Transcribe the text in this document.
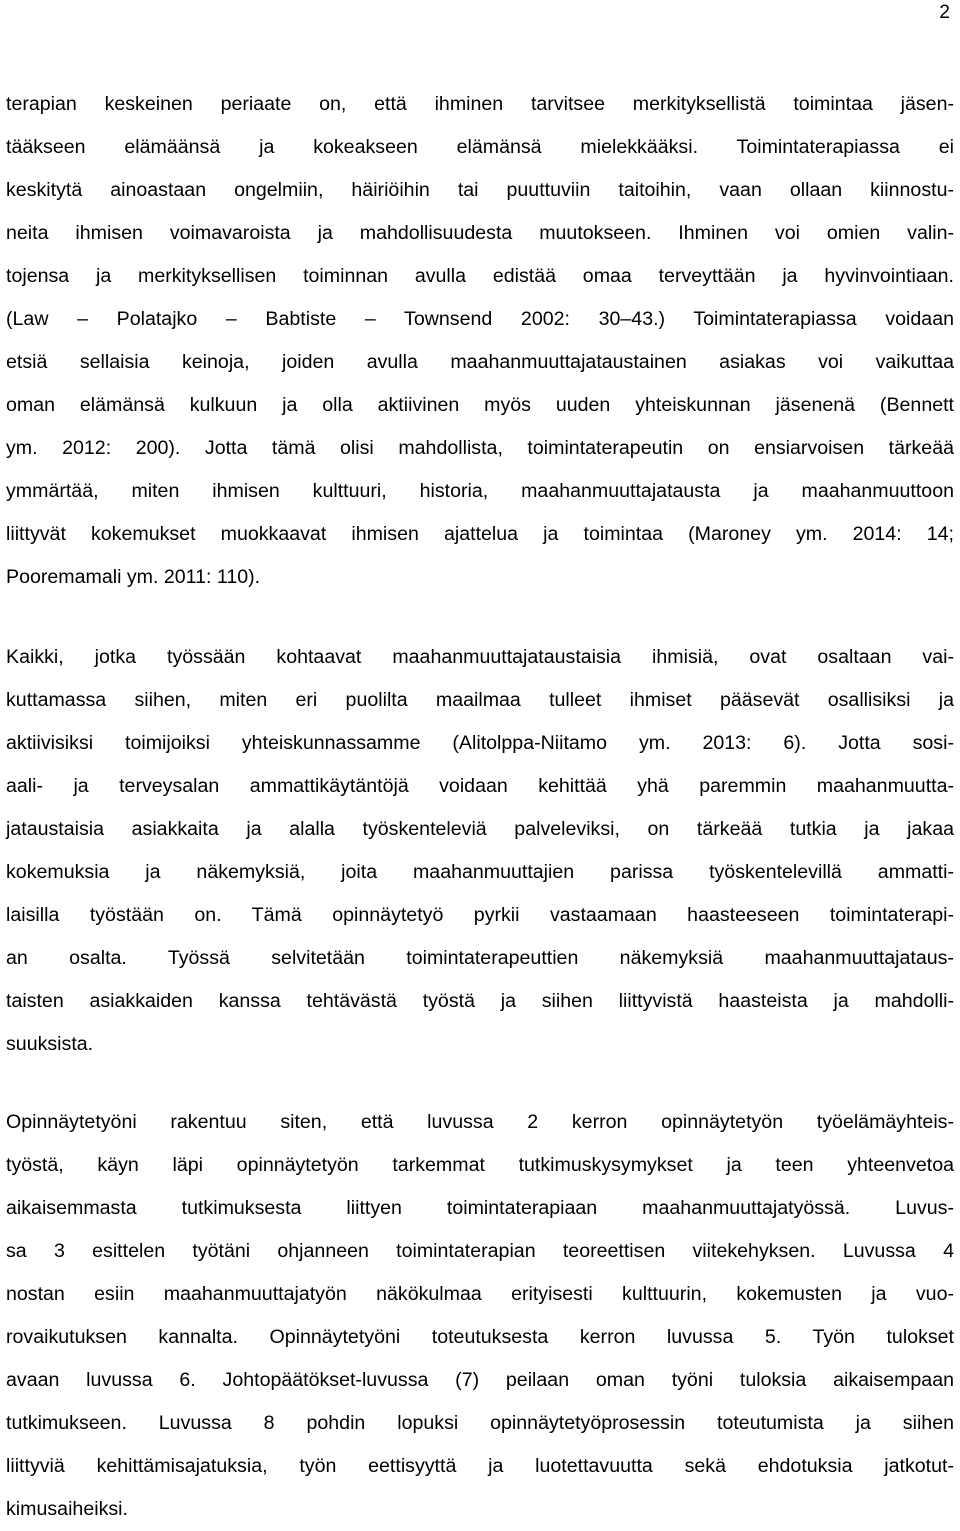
2
terapian keskeinen periaate on, että ihminen tarvitsee merkityksellistä toimintaa jäsen-
tääkseen elämäänsä ja kokeakseen elämänsä mielekkääksi. Toimintaterapiassa ei
keskitytä ainoastaan ongelmiin, häiriöihin tai puuttuviin taitoihin, vaan ollaan kiinnostu-
neita ihmisen voimavaroista ja mahdollisuudesta muutokseen. Ihminen voi omien valin-
tojensa ja merkityksellisen toiminnan avulla edistää omaa terveyttään ja hyvinvointiaan.
(Law – Polatajko – Babtiste – Townsend 2002: 30–43.) Toimintaterapiassa voidaan
etsiä sellaisia keinoja, joiden avulla maahanmuuttajataustainen asiakas voi vaikuttaa
oman elämänsä kulkuun ja olla aktiivinen myös uuden yhteiskunnan jäsenenä (Bennett
ym. 2012: 200). Jotta tämä olisi mahdollista, toimintaterapeutin on ensiarvoisen tärkeää
ymmärtää, miten ihmisen kulttuuri, historia, maahanmuuttajatausta ja maahanmuuttoon
liittyvät kokemukset muokkaavat ihmisen ajattelua ja toimintaa (Maroney ym. 2014: 14;
Pooremamali ym. 2011: 110).
Kaikki, jotka työssään kohtaavat maahanmuuttajataustaisia ihmisiä, ovat osaltaan vai-
kuttamassa siihen, miten eri puolilta maailmaa tulleet ihmiset pääsevät osallisiksi ja
aktiivisiksi toimijoiksi yhteiskunnassamme (Alitolppa-Niitamo ym. 2013: 6). Jotta sosi-
aali- ja terveysalan ammattikäytäntöjä voidaan kehittää yhä paremmin maahanmuutta-
jataustaisia asiakkaita ja alalla työskenteleviä palveleviksi, on tärkeää tutkia ja jakaa
kokemuksia ja näkemyksiä, joita maahanmuuttajien parissa työskentelevillä ammatti-
laisilla työstään on. Tämä opinnäytetyö pyrkii vastaamaan haasteeseen toimintaterapi-
an osalta. Työssä selvitetään toimintaterapeuttien näkemyksiä maahanmuuttajataus-
taisten asiakkaiden kanssa tehtävästä työstä ja siihen liittyvistä haasteista ja mahdolli-
suuksista.
Opinnäytetyöni rakentuu siten, että luvussa 2 kerron opinnäytetyön työelämäyhteis-
työstä, käyn läpi opinnäytetyön tarkemmat tutkimuskysymykset ja teen yhteenvetoa
aikaisemmasta tutkimuksesta liittyen toimintaterapiaan maahanmuuttajatyössä. Luvus-
sa 3 esittelen työtäni ohjanneen toimintaterapian teoreettisen viitekehyksen. Luvussa 4
nostan esiin maahanmuuttajatyön näkökulmaa erityisesti kulttuurin, kokemusten ja vuo-
rovaikutuksen kannalta. Opinnäytetyöni toteutuksesta kerron luvussa 5. Työn tulokset
avaan luvussa 6. Johtopäätökset-luvussa (7) peilaan oman työni tuloksia aikaisempaan
tutkimukseen. Luvussa 8 pohdin lopuksi opinnäytetyöprosessin toteutumista ja siihen
liittyviä kehittämisajatuksia, työn eettisyyttä ja luotettavuutta sekä ehdotuksia jatkotut-
kimusaiheiksi.
